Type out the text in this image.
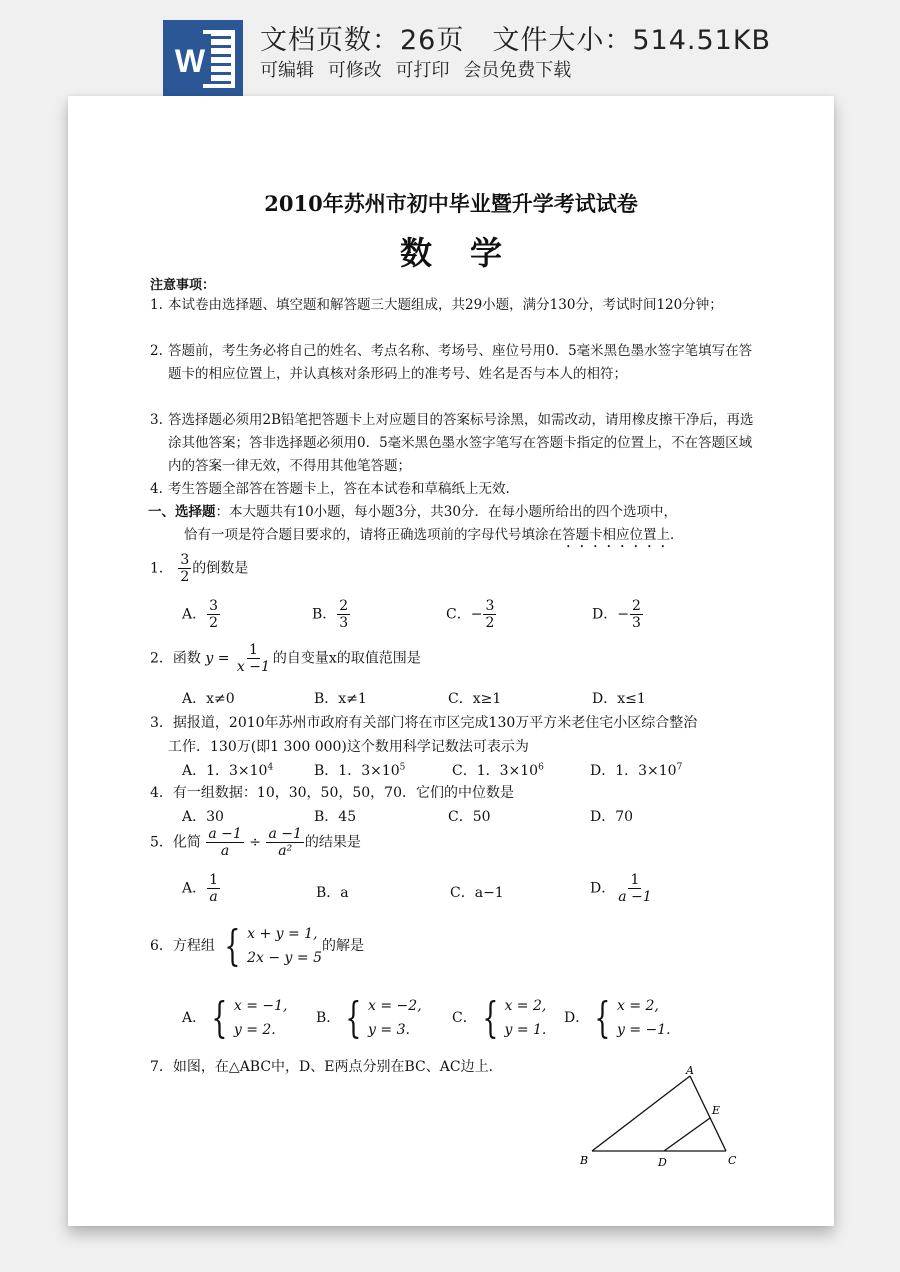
W
文档页数：26页 文件大小：514.51KB
可编辑 可修改 可打印 会员免费下载
2010年苏州市初中毕业暨升学考试试卷
数学
注意事项：
1. 本试卷由选择题、填空题和解答题三大题组成，共29小题，满分130分，考试时间120分钟；
2. 答题前，考生务必将自己的姓名、考点名称、考场号、座位号用0．5毫米黑色墨水签字笔填写在答题卡的相应位置上，并认真核对条形码上的准考号、姓名是否与本人的相符；
3. 答选择题必须用2B铅笔把答题卡上对应题目的答案标号涂黑，如需改动，请用橡皮擦干净后，再选涂其他答案；答非选择题必须用0．5毫米黑色墨水签字笔写在答题卡指定的位置上，不在答题区域内的答案一律无效，不得用其他笔答题；
4. 考生答题全部答在答题卡上，答在本试卷和草稿纸上无效.
一、选择题：本大题共有10小题，每小题3分，共30分．在每小题所给出的四个选项中，
恰有一项是符合题目要求的，请将正确选项前的字母代号填涂在答题卡相应位置上．
1． $\frac{3}{2}$ 的倒数是
A． $\frac{3}{2}$	B． $\frac{2}{3}$	C．− $\frac{3}{2}$	D．− $\frac{2}{3}$
2．函数 $y = \frac{1}{x -1}$ 的自变量x的取值范围是
A．x≠0	B．x≠1	C．x≥1	D．x≤1
3．据报道，2010年苏州市政府有关部门将在市区完成130万平方米老住宅小区综合整治
工作．130万(即1 300 000)这个数用科学记数法可表示为
A．1．$3\times 10^4$	B．1．$3\times 10^5$	C．1．$3\times 10^6$	D．1．$3\times 10^7$
4．有一组数据：10，30，50，50，70．它们的中位数是
A．30	B．45	C．50	D．70
5．化简 $\frac{a -1}{a} \div \frac{a -1}{\text{a²}}$ 的结果是
A． $\frac{1}{a}$	B．a	C．a−1	D． $\frac{1}{a -1}$
6．方程组 { x + y = 1,
2x − y = 5
的解是
A． { x = −1,
y = 2.
B． { x = −2,
y = 3.
C． { x = 2,
y = 1.
D． { x = 2,
y = −1.
7．如图，在△ABC中，D、E两点分别在BC、AC边上．	A
B	C
D
E
